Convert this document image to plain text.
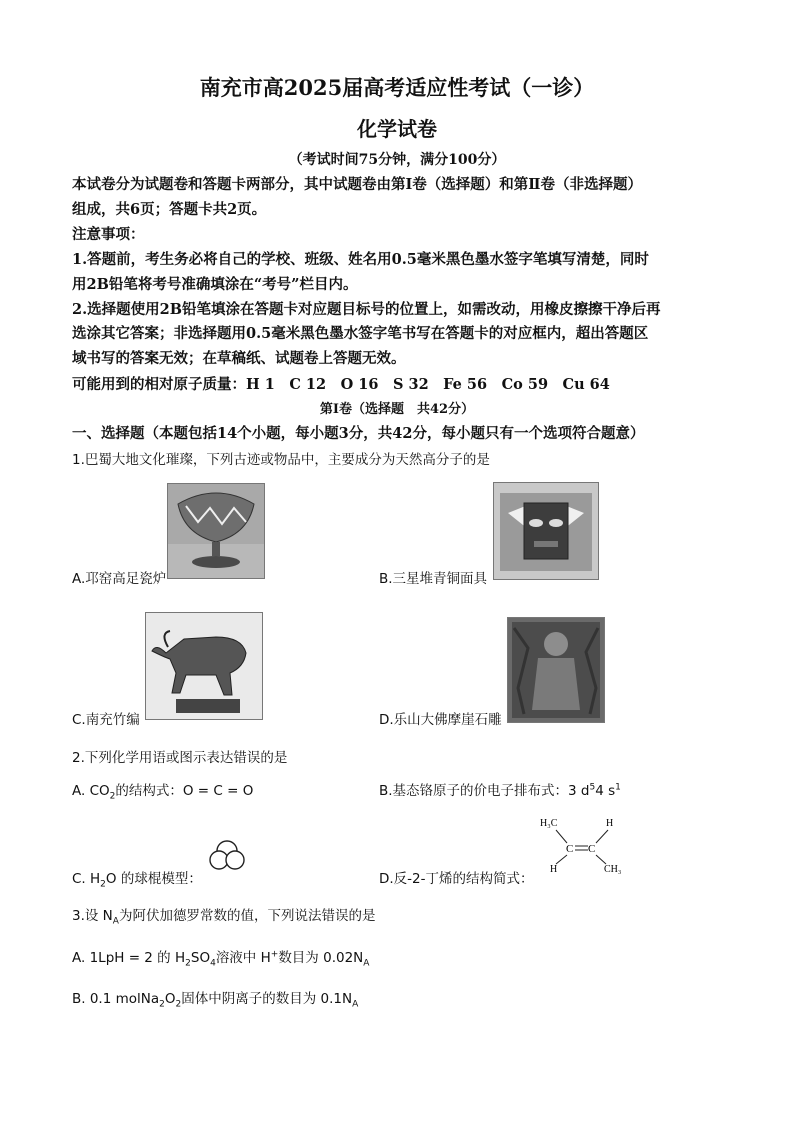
南充市高2025届高考适应性考试（一诊）
化学试卷
（考试时间75分钟，满分100分）
本试卷分为试题卷和答题卡两部分，其中试题卷由第Ⅰ卷（选择题）和第Ⅱ卷（非选择题）
组成，共6页；答题卡共2页。
注意事项：
1.答题前，考生务必将自己的学校、班级、姓名用0.5毫米黑色墨水签字笔填写清楚，同时
用2B铅笔将考号准确填涂在“考号”栏目内。
2.选择题使用2B铅笔填涂在答题卡对应题目标号的位置上，如需改动，用橡皮擦擦干净后再
选涂其它答案；非选择题用0.5毫米黑色墨水签字笔书写在答题卡的对应框内，超出答题区
域书写的答案无效；在草稿纸、试题卷上答题无效。
可能用到的相对原子质量：H 1　C 12　O 16　S 32　Fe 56　Co 59　Cu 64
第Ⅰ卷（选择题　共42分）
一、选择题（本题包括14个小题，每小题3分，共42分，每小题只有一个选项符合题意）
1.巴蜀大地文化璀璨，下列古迹或物品中，主要成分为天然高分子的是
A.邛窑高足瓷炉	B.三星堆青铜面具
C.南充竹编	D.乐山大佛摩崖石雕
2.下列化学用语或图示表达错误的是
A. $CO_2$的结构式：O = C = O	B.基态铬原子的价电子排布式：3 $d^54$ $s^1$
C. $H_2O$ 的球棍模型：	D.反-2-丁烯的结构简式：
H₃C	H
C C
H	CH₃
3.设 $N_A$为阿伏加德罗常数的值，下列说法错误的是
A. 1LpH = 2 的 $H_2SO_4$溶液中 H+数目为 $0.02N_A$
B. 0.1 $molNa_2O_2$固体中阴离子的数目为 $0.1N_A$
